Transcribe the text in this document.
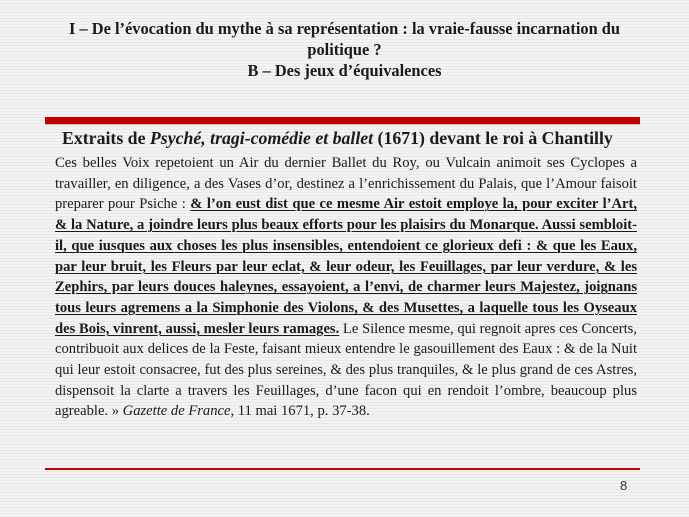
I – De l’évocation du mythe à sa représentation : la vraie-fausse incarnation du
politique ?
B – Des jeux d’équivalences
Extraits de Psyché, tragi-comédie et ballet (1671) devant le roi à Chantilly
Ces belles Voix repetoient un Air du dernier Ballet du Roy, ou Vulcain animoit ses Cyclopes a travailler, en diligence, a des Vases d’or, destinez a l’enrichissement du Palais, que l’Amour faisoit preparer pour Psiche : & l’on eust dist que ce mesme Air estoit employe la, pour exciter l’Art, & la Nature, a joindre leurs plus beaux efforts pour les plaisirs du Monarque. Aussi sembloit-il, que iusques aux choses les plus insensibles, entendoient ce glorieux defi : & que les Eaux, par leur bruit, les Fleurs par leur eclat, & leur odeur, les Feuillages, par leur verdure, & les Zephirs, par leurs douces haleynes, essayoient, a l’envi, de charmer leurs Majestez, joignans tous leurs agremens a la Simphonie des Violons, & des Musettes, a laquelle tous les Oyseaux des Bois, vinrent, aussi, mesler leurs ramages. Le Silence mesme, qui regnoit apres ces Concerts, contribuoit aux delices de la Feste, faisant mieux entendre le gasouillement des Eaux : & de la Nuit qui leur estoit consacree, fut des plus sereines, & des plus tranquiles, & le plus grand de ces Astres, dispensoit la clarte a travers les Feuillages, d’une facon qui en rendoit l’ombre, beaucoup plus agreable. » Gazette de France, 11 mai 1671, p. 37-38.
8
